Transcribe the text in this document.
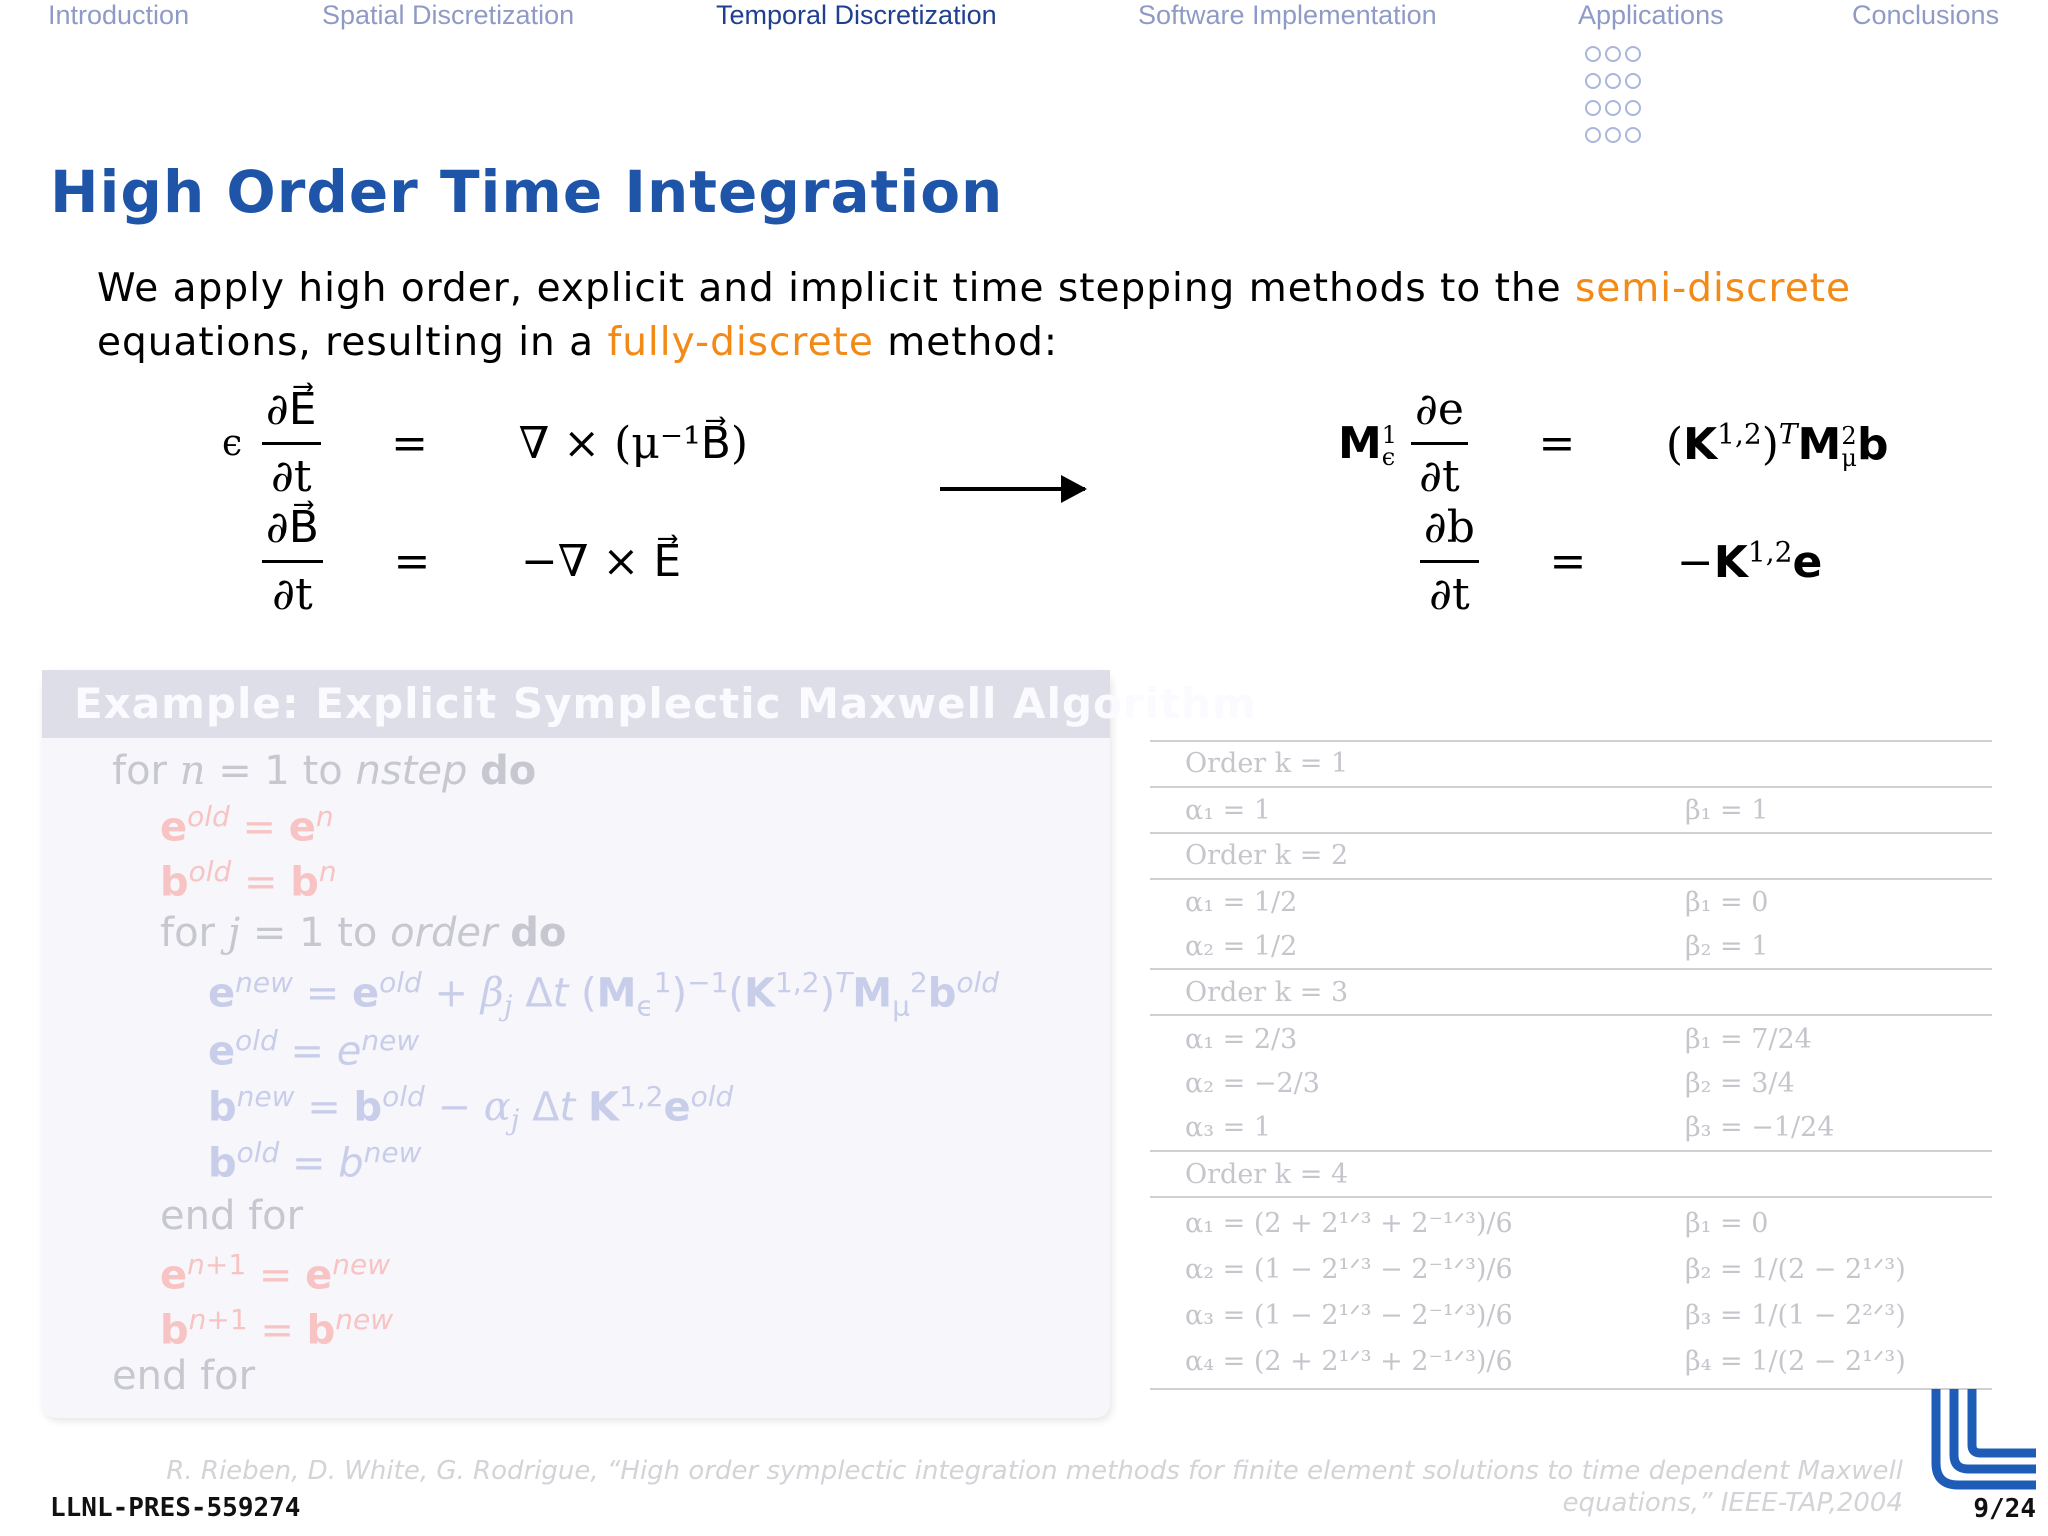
Introduction	Spatial Discretization	Temporal Discretization	Software Implementation	Applications	Conclusions
High Order Time Integration
We apply high order, explicit and implicit time stepping methods to the semi-discrete equations, resulting in a fully-discrete method:
ϵ $\frac{\partial E⃗}{\partial t}$ = ∇ × (μ⁻¹B⃗)

$\frac{\partial B⃗}{\partial t}$ = −∇ × E⃗
M 1
ϵ
$\frac{\partial e}{\partial t} = (K^{1,2})^TM$ 2
μ b

$\frac{\partial b}{\partial t} = -K^{1,2}e$
Example: Explicit Symplectic Maxwell Algorithm
for n = 1 to nstep do
$e^{old} = e^n$
$b^{old} = b^n$
for j = 1 to order do
$e^{new} = e^{old} + \beta_j$ Δt $(M_\epsilon^1)^{-1}(K^{1,2})^TM_\mu^2b^{old}$
$e^{old} = e^{new}$
$b^{new} = b^{old} - \alpha_j$ Δt $K^{1,2}e^{old}$
$b^{old} = b^{new}$
end for
$e^{n+1} = e^{new}$
$b^{n+1} = b^{new}$
end for
Order k = 1
α₁ = 1	β₁ = 1
Order k = 2
α₁ = 1/2	β₁ = 0
α₂ = 1/2	β₂ = 1
Order k = 3
α₁ = 2/3	β₁ = 7/24
α₂ = −2/3	β₂ = 3/4
α₃ = 1	β₃ = −1/24
Order k = 4
α₁ = (2 + 2¹ᐟ³ + 2⁻¹ᐟ³)/6	β₁ = 0
α₂ = (1 − 2¹ᐟ³ − 2⁻¹ᐟ³)/6	β₂ = 1/(2 − 2¹ᐟ³)
α₃ = (1 − 2¹ᐟ³ − 2⁻¹ᐟ³)/6	β₃ = 1/(1 − 2²ᐟ³)
α₄ = (2 + 2¹ᐟ³ + 2⁻¹ᐟ³)/6	β₄ = 1/(2 − 2¹ᐟ³)
R. Rieben, D. White, G. Rodrigue, “High order symplectic integration methods for finite element solutions to time dependent Maxwell
equations,” IEEE-TAP,2004
LLNL-PRES-559274	9/24
